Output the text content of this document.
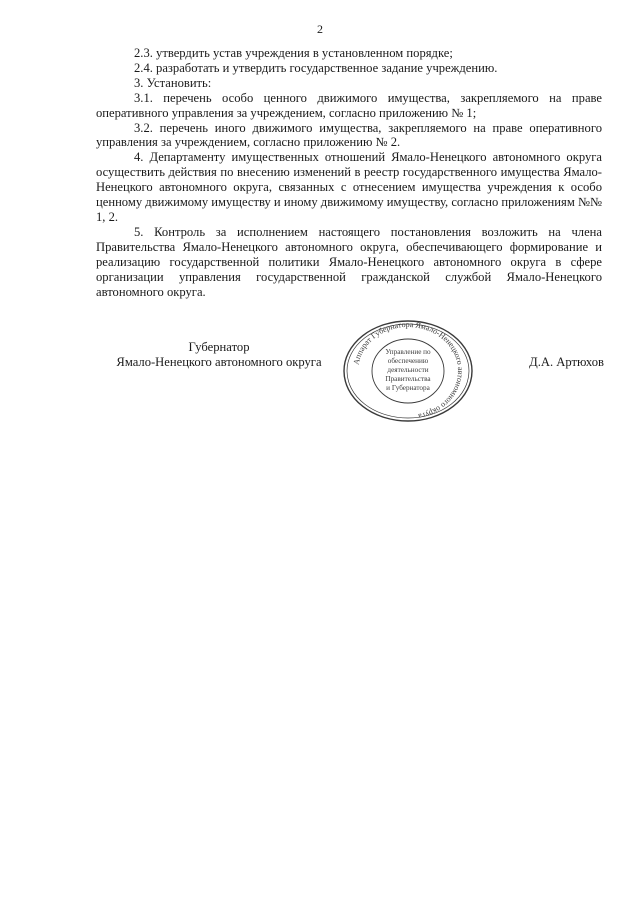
2

2.3. утвердить устав учреждения в установленном порядке;

2.4. разработать и утвердить государственное задание учреждению.

3. Установить:

3.1. перечень особо ценного движимого имущества, закрепляемого на праве оперативного управления за учреждением, согласно приложению № 1;

3.2. перечень иного движимого имущества, закрепляемого на праве оперативного управления за учреждением, согласно приложению № 2.

4. Департаменту имущественных отношений Ямало-Ненецкого автономного округа осуществить действия по внесению изменений в реестр государственного имущества Ямало-Ненецкого автономного округа, связанных с отнесением имущества учреждения к особо ценному движимому имуществу и иному движимому имуществу, согласно приложениям №№ 1, 2.

5. Контроль за исполнением настоящего постановления возложить на члена Правительства Ямало-Ненецкого автономного округа, обеспечивающего формирование и реализацию государственной политики Ямало-Ненецкого автономного округа в сфере организации управления государственной гражданской службой Ямало-Ненецкого автономного округа.

Губернатор
Ямало-Ненецкого автономного округа	Аппарат Губернатора Ямало-Ненецкого автономного округа
Управление по
обеспечению
деятельности
Правительства
и Губернатора
Д.А. Артюхов
